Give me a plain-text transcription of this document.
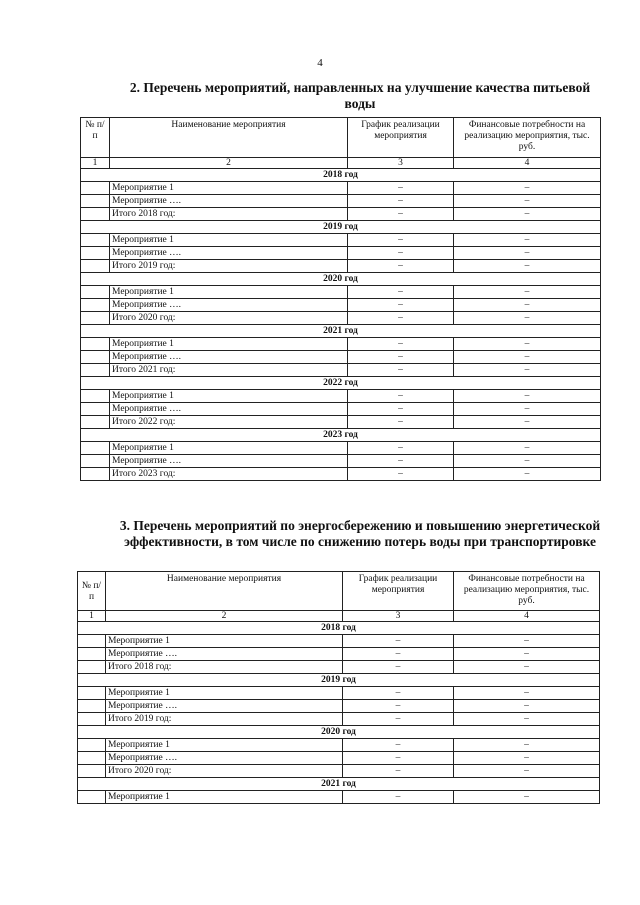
4
2. Перечень мероприятий, направленных на улучшение качества питьевой воды
№ п/п	Наименование мероприятия	График реализации мероприятия	Финансовые потребности на реализацию мероприятия, тыс. руб.
1	2	3	4
2018 год			
	Мероприятие 1	–	–
	Мероприятие ….	–	–
	Итого 2018 год:	–	–
2019 год			
	Мероприятие 1	–	–
	Мероприятие ….	–	–
	Итого 2019 год:	–	–
2020 год			
	Мероприятие 1	–	–
	Мероприятие ….	–	–
	Итого 2020 год:	–	–
2021 год			
	Мероприятие 1	–	–
	Мероприятие ….	–	–
	Итого 2021 год:	–	–
2022 год			
	Мероприятие 1	–	–
	Мероприятие ….	–	–
	Итого 2022 год:	–	–
2023 год			
	Мероприятие 1	–	–
	Мероприятие ….	–	–
	Итого 2023 год:	–	–
3. Перечень мероприятий по энергосбережению и повышению энергетической эффективности, в том числе по снижению потерь воды при транспортировке
№ п/п	Наименование мероприятия	График реализации мероприятия	Финансовые потребности на реализацию мероприятия, тыс. руб.
1	2	3	4
2018 год			
	Мероприятие 1	–	–
	Мероприятие ….	–	–
	Итого 2018 год:	–	–
2019 год			
	Мероприятие 1	–	–
	Мероприятие ….	–	–
	Итого 2019 год:	–	–
2020 год			
	Мероприятие 1	–	–
	Мероприятие ….	–	–
	Итого 2020 год:	–	–
2021 год			
	Мероприятие 1	–	–
